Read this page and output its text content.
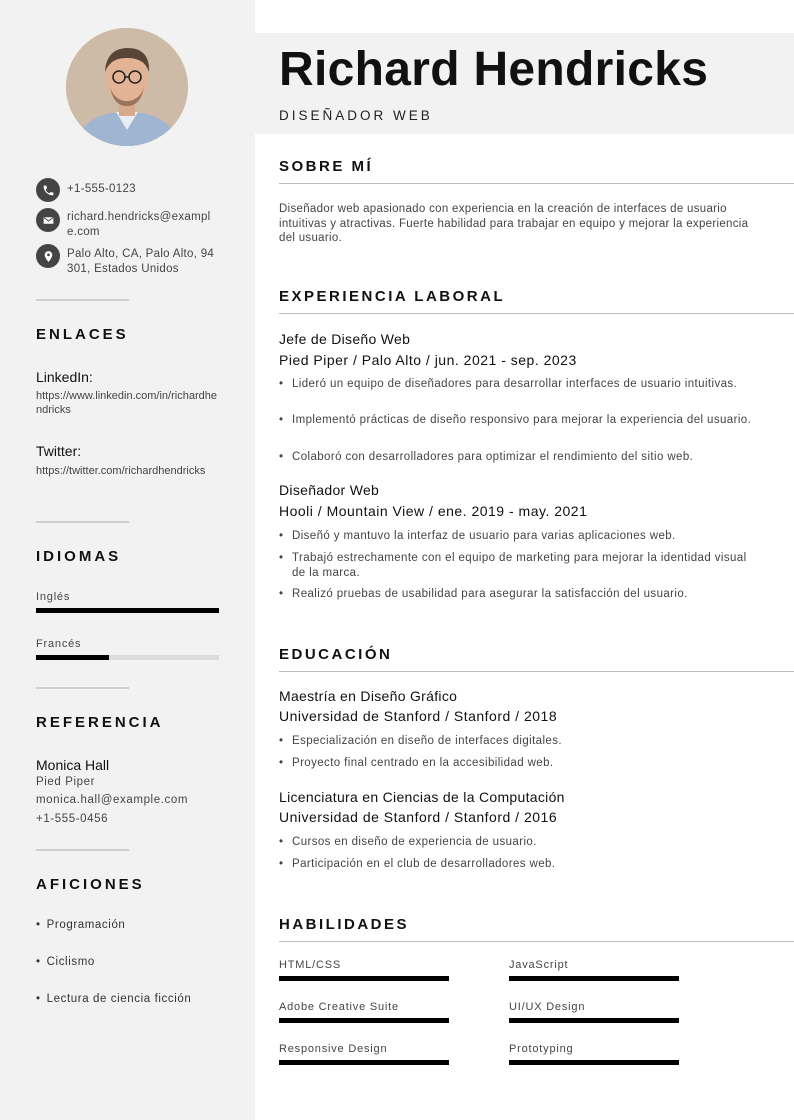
+1-555-0123
richard.hendricks@example.com
Palo Alto, CA, Palo Alto, 94301, Estados Unidos
ENLACES
LinkedIn:
https://www.linkedin.com/in/richardhendricks
Twitter:
https://twitter.com/richardhendricks
IDIOMAS
Inglés
Francés
REFERENCIA
Monica Hall
Pied Piper
monica.hall@example.com
+1-555-0456
AFICIONES
• Programación
• Ciclismo
• Lectura de ciencia ficción
Richard Hendricks
DISEÑADOR WEB
SOBRE MÍ
Diseñador web apasionado con experiencia en la creación de interfaces de usuario intuitivas y atractivas. Fuerte habilidad para trabajar en equipo y mejorar la experiencia del usuario.
EXPERIENCIA LABORAL
Jefe de Diseño Web
Pied Piper / Palo Alto / jun. 2021 - sep. 2023
• Lideró un equipo de diseñadores para desarrollar interfaces de usuario intuitivas.
• Implementó prácticas de diseño responsivo para mejorar la experiencia del usuario.
• Colaboró con desarrolladores para optimizar el rendimiento del sitio web.
Diseñador Web
Hooli / Mountain View / ene. 2019 - may. 2021
• Diseñó y mantuvo la interfaz de usuario para varias aplicaciones web.
• Trabajó estrechamente con el equipo de marketing para mejorar la identidad visual de la marca.
• Realizó pruebas de usabilidad para asegurar la satisfacción del usuario.
EDUCACIÓN
Maestría en Diseño Gráfico
Universidad de Stanford / Stanford / 2018
• Especialización en diseño de interfaces digitales.
• Proyecto final centrado en la accesibilidad web.
Licenciatura en Ciencias de la Computación
Universidad de Stanford / Stanford / 2016
• Cursos en diseño de experiencia de usuario.
• Participación en el club de desarrolladores web.
HABILIDADES
HTML/CSS	JavaScript
Adobe Creative Suite	UI/UX Design
Responsive Design	Prototyping
